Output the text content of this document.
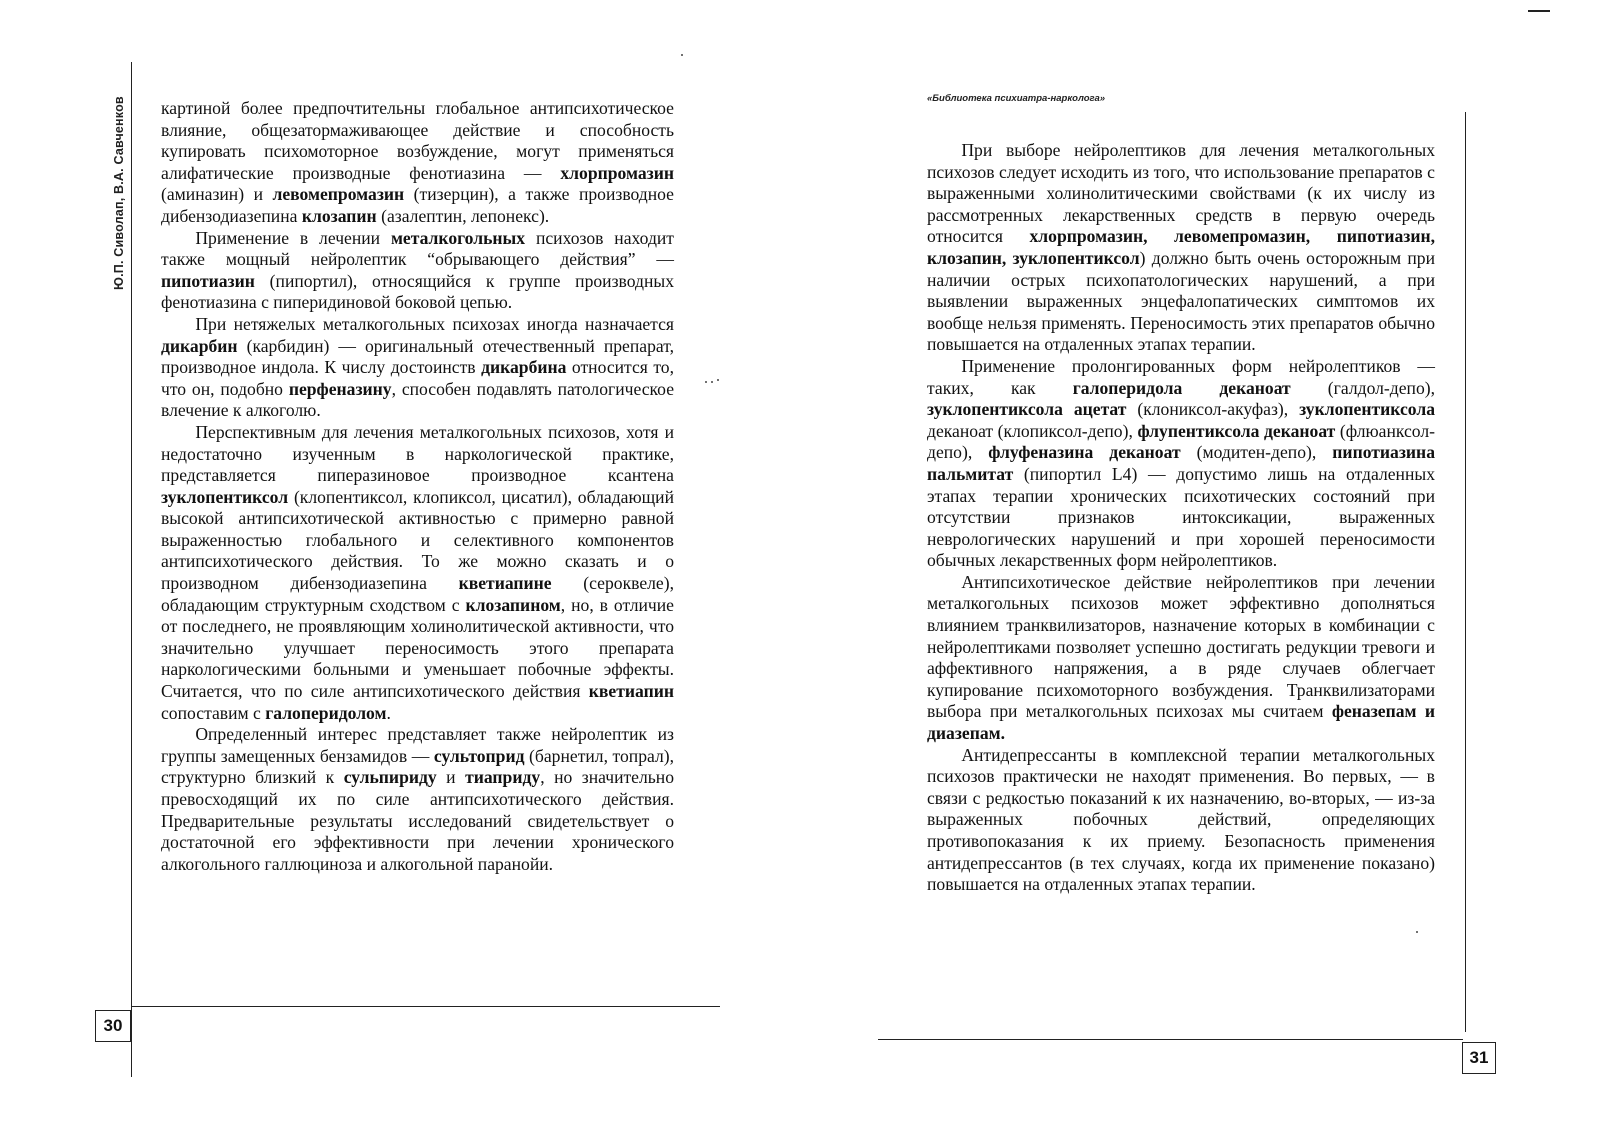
Ю.П. Сиволап, В.А. Савченков	картиной более предпочтительны глобальное антипсихотическое влияние, общезатормаживающее действие и способность купировать психомоторное возбуждение, могут применяться алифатические производные фенотиазина — хлорпромазин (аминазин) и левомепромазин (тизерцин), а также производное дибензодиазепина клозапин (азалептин, лепонекс).

Применение в лечении металкогольных психозов находит также мощный нейролептик “обрывающего действия” — пипотиазин (пипортил), относящийся к группе производных фенотиазина с пиперидиновой боковой цепью.

При нетяжелых металкогольных психозах иногда назначается дикарбин (карбидин) — оригинальный отечественный препарат, производное индола. К числу достоинств дикарбина относится то, что он, подобно перфеназину, способен подавлять патологическое влечение к алкоголю.

Перспективным для лечения металкогольных психозов, хотя и недостаточно изученным в наркологической практике, представляется пиперазиновое производное ксантена зуклопентиксол (клопентиксол, клопиксол, цисатил), обладающий высокой антипсихотической активностью с примерно равной выраженностью глобального и селективного компонентов антипсихотического действия. То же можно сказать и о производном дибензодиазепина кветиапине (сероквеле), обладающим структурным сходством с клозапином, но, в отличие от последнего, не проявляющим холинолитической активности, что значительно улучшает переносимость этого препарата наркологическими больными и уменьшает побочные эффекты. Считается, что по силе антипсихотического действия кветиапин сопоставим с галоперидолом.

Определенный интерес представляет также нейролептик из группы замещенных бензамидов — сультоприд (барнетил, топрал), структурно близкий к сульпириду и тиаприду, но значительно превосходящий их по силе антипсихотического действия. Предварительные результаты исследований свидетельствует о достаточной его эффективности при лечении хронического алкогольного галлюциноза и алкогольной паранойи.

30
«Библиотека психиатра-нарколога»

При выборе нейролептиков для лечения металкогольных психозов следует исходить из того, что использование препаратов с выраженными холинолитическими свойствами (к их числу из рассмотренных лекарственных средств в первую очередь относится хлорпромазин, левомепромазин, пипотиазин, клозапин, зуклопентиксол) должно быть очень осторожным при наличии острых психопатологических нарушений, а при выявлении выраженных энцефалопатических симптомов их вообще нельзя применять. Переносимость этих препаратов обычно повышается на отдаленных этапах терапии.

Применение пролонгированных форм нейролептиков — таких, как галоперидола деканоат (галдол-депо), зуклопентиксола ацетат (клониксол-акуфаз), зуклопентиксола деканоат (клопиксол-депо), флупентиксола деканоат (флюанксол-депо), флуфеназина деканоат (модитен-депо), пипотиазина пальмитат (пипортил L4) — допустимо лишь на отдаленных этапах терапии хронических психотических состояний при отсутствии признаков интоксикации, выраженных неврологических нарушений и при хорошей переносимости обычных лекарственных форм нейролептиков.

Антипсихотическое действие нейролептиков при лечении металкогольных психозов может эффективно дополняться влиянием транквилизаторов, назначение которых в комбинации с нейролептиками позволяет успешно достигать редукции тревоги и аффективного напряжения, а в ряде случаев облегчает купирование психомоторного возбуждения. Транквилизаторами выбора при металкогольных психозах мы считаем феназепам и диазепам.

Антидепрессанты в комплексной терапии металкогольных психозов практически не находят применения. Во первых, — в связи с редкостью показаний к их назначению, во-вторых, — из-за выраженных побочных действий, определяющих противопоказания к их приему. Безопасность применения антидепрессантов (в тех случаях, когда их применение показано) повышается на отдаленных этапах терапии.

31
